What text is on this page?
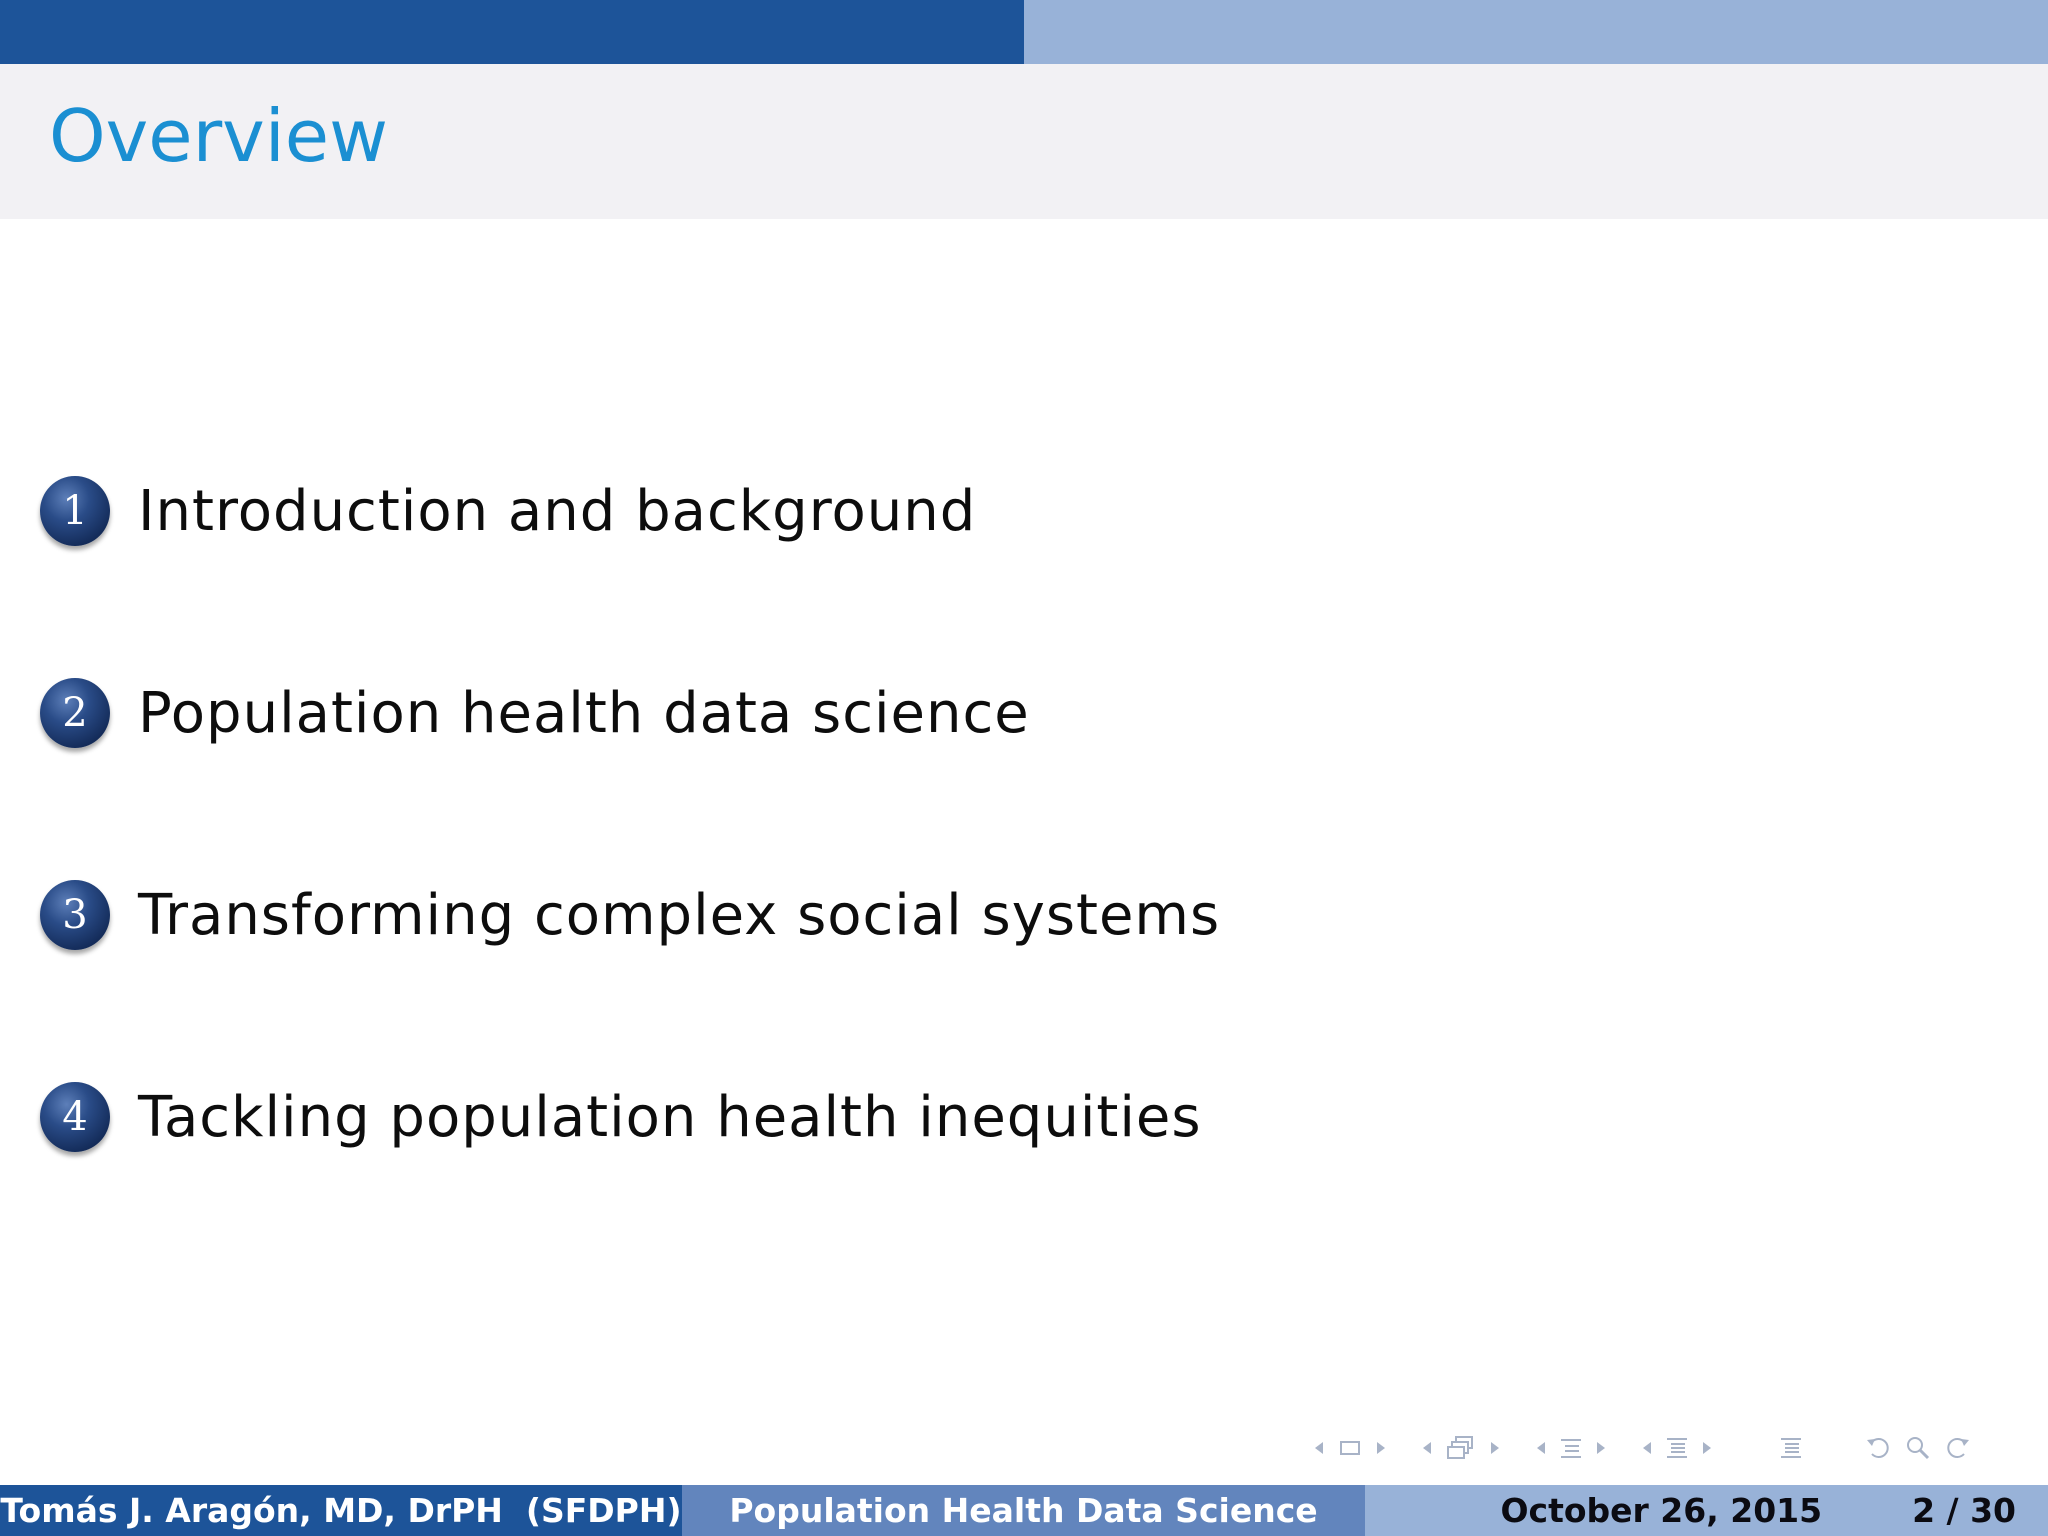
Overview
1 Introduction and background
2 Population health data science
3 Transforming complex social systems
4 Tackling population health inequities
Tomás J. Aragón, MD, DrPH  (SFDPH) Population Health Data Science	October 26, 2015	2 / 30
